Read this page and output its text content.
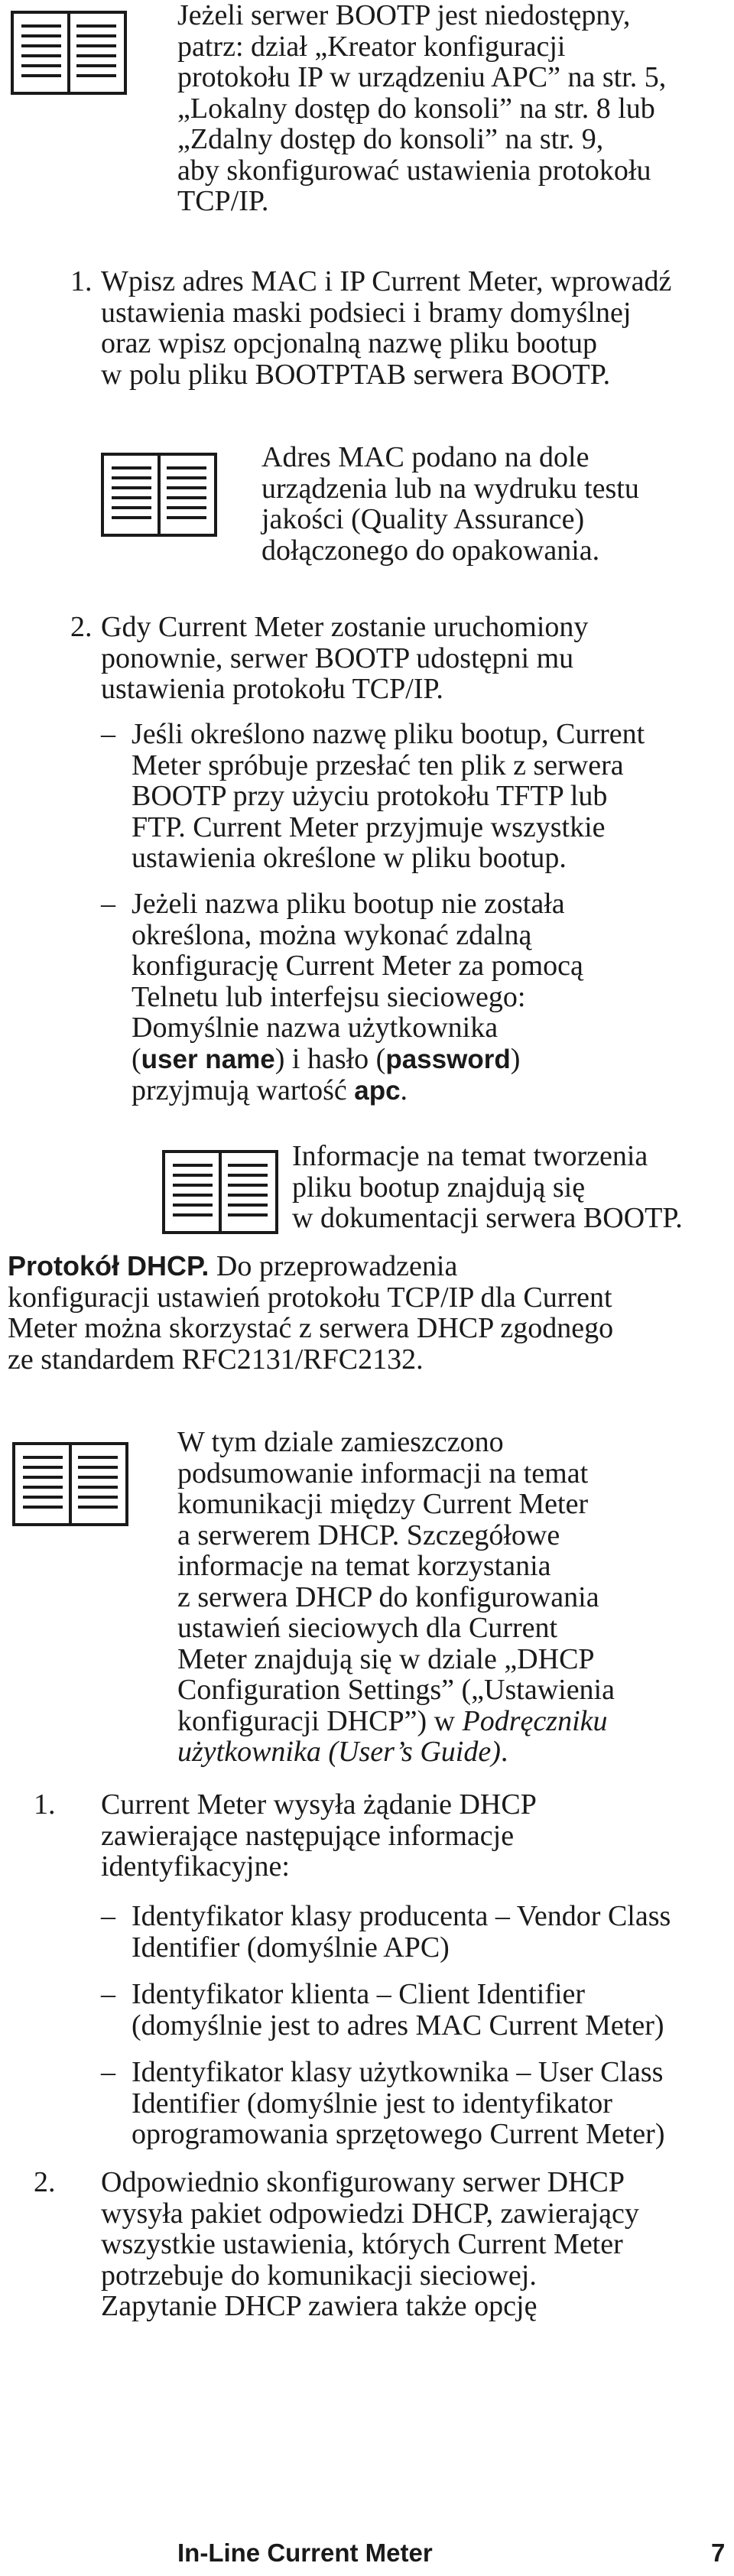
Jeżeli serwer BOOTP jest niedostępny,
patrz: dział „Kreator konfiguracji
protokołu IP w urządzeniu APC” na str. 5,
„Lokalny dostęp do konsoli” na str. 8 lub
„Zdalny dostęp do konsoli” na str. 9,
aby skonfigurować ustawienia protokołu
TCP/IP.
1. Wpisz adres MAC i IP Current Meter, wprowadź
ustawienia maski podsieci i bramy domyślnej
oraz wpisz opcjonalną nazwę pliku bootup
w polu pliku BOOTPTAB serwera BOOTP.
Adres MAC podano na dole
urządzenia lub na wydruku testu
jakości (Quality Assurance)
dołączonego do opakowania.
2. Gdy Current Meter zostanie uruchomiony
ponownie, serwer BOOTP udostępni mu
ustawienia protokołu TCP/IP.
– Jeśli określono nazwę pliku bootup, Current
Meter spróbuje przesłać ten plik z serwera
BOOTP przy użyciu protokołu TFTP lub
FTP. Current Meter przyjmuje wszystkie
ustawienia określone w pliku bootup.
– Jeżeli nazwa pliku bootup nie została
określona, można wykonać zdalną
konfigurację Current Meter za pomocą
Telnetu lub interfejsu sieciowego:
Domyślnie nazwa użytkownika
(user name) i hasło (password)
przyjmują wartość apc.
Informacje na temat tworzenia
pliku bootup znajdują się
w dokumentacji serwera BOOTP.
Protokół DHCP. Do przeprowadzenia
konfiguracji ustawień protokołu TCP/IP dla Current
Meter można skorzystać z serwera DHCP zgodnego
ze standardem RFC2131/RFC2132.
W tym dziale zamieszczono
podsumowanie informacji na temat
komunikacji między Current Meter
a serwerem DHCP. Szczegółowe
informacje na temat korzystania
z serwera DHCP do konfigurowania
ustawień sieciowych dla Current
Meter znajdują się w dziale „DHCP
Configuration Settings” („Ustawienia
konfiguracji DHCP”) w Podręczniku
użytkownika (User’s Guide).
1. Current Meter wysyła żądanie DHCP
zawierające następujące informacje
identyfikacyjne:
– Identyfikator klasy producenta – Vendor Class
Identifier (domyślnie APC)
– Identyfikator klienta – Client Identifier
(domyślnie jest to adres MAC Current Meter)
– Identyfikator klasy użytkownika – User Class
Identifier (domyślnie jest to identyfikator
oprogramowania sprzętowego Current Meter)
2. Odpowiednio skonfigurowany serwer DHCP
wysyła pakiet odpowiedzi DHCP, zawierający
wszystkie ustawienia, których Current Meter
potrzebuje do komunikacji sieciowej.
Zapytanie DHCP zawiera także opcję
In-Line Current Meter	7
